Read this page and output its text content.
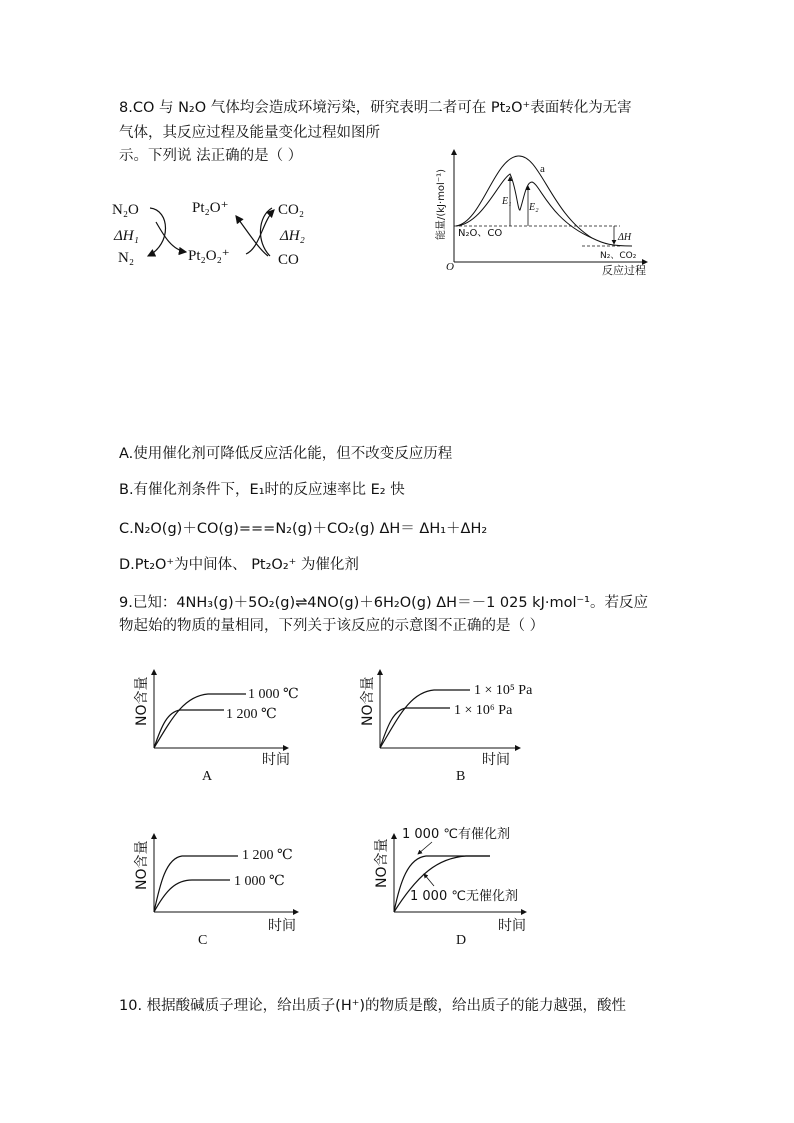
8.CO 与 N₂O 气体均会造成环境污染，研究表明二者可在 Pt₂O⁺表面转化为无害
气体，其反应过程及能量变化过程如图所
示。下列说 法正确的是（ ）
N₂O
ΔH₁
N₂
Pt₂O⁺
Pt₂O₂⁺
CO₂
ΔH₂
CO	O
能量/(kJ·mol⁻¹)
反应过程
a
E₁
E₂
ΔH
N₂O、CO
N₂、CO₂
A.使用催化剂可降低反应活化能，但不改变反应历程
B.有催化剂条件下，E₁时的反应速率比 E₂ 快
C.N₂O(g)＋CO(g)===N₂(g)＋CO₂(g) ΔH＝ ΔH₁＋ΔH₂
D.Pt₂O⁺为中间体、 Pt₂O₂⁺ 为催化剂
9.已知：4NH₃(g)＋5O₂(g)⇌4NO(g)＋6H₂O(g) ΔH＝－1 025 kJ·mol⁻¹。若反应
物起始的物质的量相同，下列关于该反应的示意图不正确的是（ ）
NO含量
时间
1 000 ℃
1 200 ℃
A
NO含量
时间
1 × 10⁵ Pa
1 × 10⁶ Pa
B
NO含量
时间
1 200 ℃
1 000 ℃
C
NO含量
时间
1 000 ℃有催化剂
1 000 ℃无催化剂
D
10. 根据酸碱质子理论，给出质子(H⁺)的物质是酸，给出质子的能力越强，酸性
